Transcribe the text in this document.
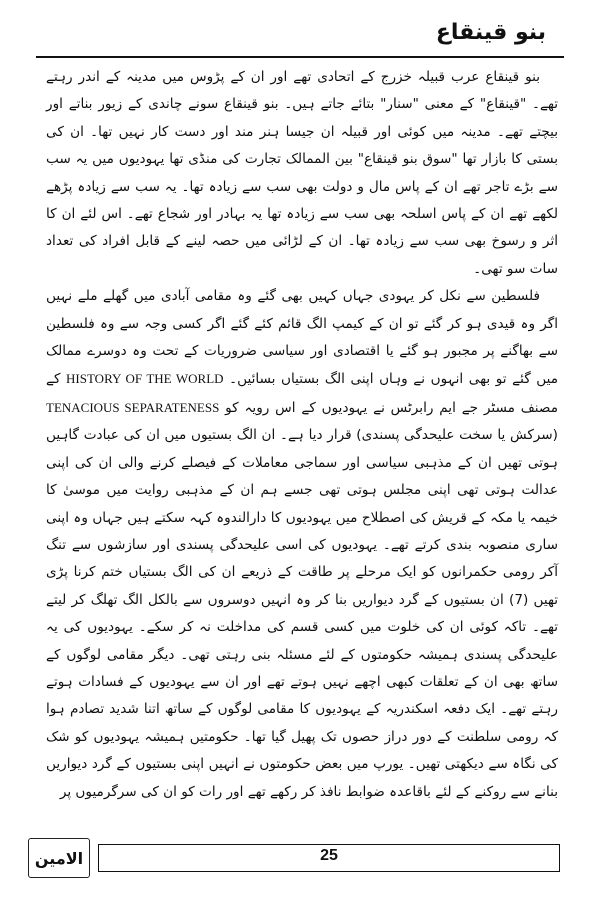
بنو قینقاع

بنو قینقاع عرب قبیلہ خزرج کے اتحادی تھے اور ان کے پڑوس میں مدینہ کے اندر رہتے تھے۔ "قینقاع" کے معنی "سنار" بتائے جاتے ہیں۔ بنو قینقاع سونے چاندی کے زیور بناتے اور بیچتے تھے۔ مدینہ میں کوئی اور قبیلہ ان جیسا ہنر مند اور دست کار نہیں تھا۔ ان کی بستی کا بازار تھا "سوق بنو قینقاع" بین الممالک تجارت کی منڈی تھا یہودیوں میں یہ سب سے بڑے تاجر تھے ان کے پاس مال و دولت بھی سب سے زیادہ تھا۔ یہ سب سے زیادہ پڑھے لکھے تھے ان کے پاس اسلحہ بھی سب سے زیادہ تھا یہ بہادر اور شجاع تھے۔ اس لئے ان کا اثر و رسوخ بھی سب سے زیادہ تھا۔ ان کے لڑائی میں حصہ لینے کے قابل افراد کی تعداد سات سو تھی۔

فلسطین سے نکل کر یہودی جہاں کہیں بھی گئے وہ مقامی آبادی میں گھلے ملے نہیں اگر وہ قیدی ہو کر گئے تو ان کے کیمپ الگ قائم کئے گئے اگر کسی وجہ سے وہ فلسطین سے بھاگنے پر مجبور ہو گئے یا اقتصادی اور سیاسی ضروریات کے تحت وہ دوسرے ممالک میں گئے تو بھی انہوں نے وہاں اپنی الگ بستیاں بسائیں۔ HISTORY OF THE WORLD کے مصنف مسٹر جے ایم رابرٹس نے یہودیوں کے اس رویہ کو TENACIOUS SEPARATENESS (سرکش یا سخت علیحدگی پسندی) قرار دیا ہے۔ ان الگ بستیوں میں ان کی عبادت گاہیں ہوتی تھیں ان کے مذہبی سیاسی اور سماجی معاملات کے فیصلے کرنے والی ان کی اپنی عدالت ہوتی تھی اپنی مجلس ہوتی تھی جسے ہم ان کے مذہبی روایت میں موسیٰ کا خیمہ یا مکہ کے قریش کی اصطلاح میں یہودیوں کا دارالندوہ کہہ سکتے ہیں جہاں وہ اپنی ساری منصوبہ بندی کرتے تھے۔ یہودیوں کی اسی علیحدگی پسندی اور سازشوں سے تنگ آکر رومی حکمرانوں کو ایک مرحلے پر طاقت کے ذریعے ان کی الگ بستیاں ختم کرنا پڑی تھیں (7) ان بستیوں کے گرد دیواریں بنا کر وہ انہیں دوسروں سے بالکل الگ تھلگ کر لیتے تھے۔ تاکہ کوئی ان کی خلوت میں کسی قسم کی مداخلت نہ کر سکے۔ یہودیوں کی یہ علیحدگی پسندی ہمیشہ حکومتوں کے لئے مسئلہ بنی رہتی تھی۔ دیگر مقامی لوگوں کے ساتھ بھی ان کے تعلقات کبھی اچھے نہیں ہوتے تھے اور ان سے یہودیوں کے فسادات ہوتے رہتے تھے۔ ایک دفعہ اسکندریہ کے یہودیوں کا مقامی لوگوں کے ساتھ اتنا شدید تصادم ہوا کہ رومی سلطنت کے دور دراز حصوں تک پھیل گیا تھا۔ حکومتیں ہمیشہ یہودیوں کو شک کی نگاہ سے دیکھتی تھیں۔ یورپ میں بعض حکومتوں نے انہیں اپنی بستیوں کے گرد دیواریں بنانے سے روکنے کے لئے باقاعدہ ضوابط نافذ کر رکھے تھے اور رات کو ان کی سرگرمیوں پر

الامین	25
